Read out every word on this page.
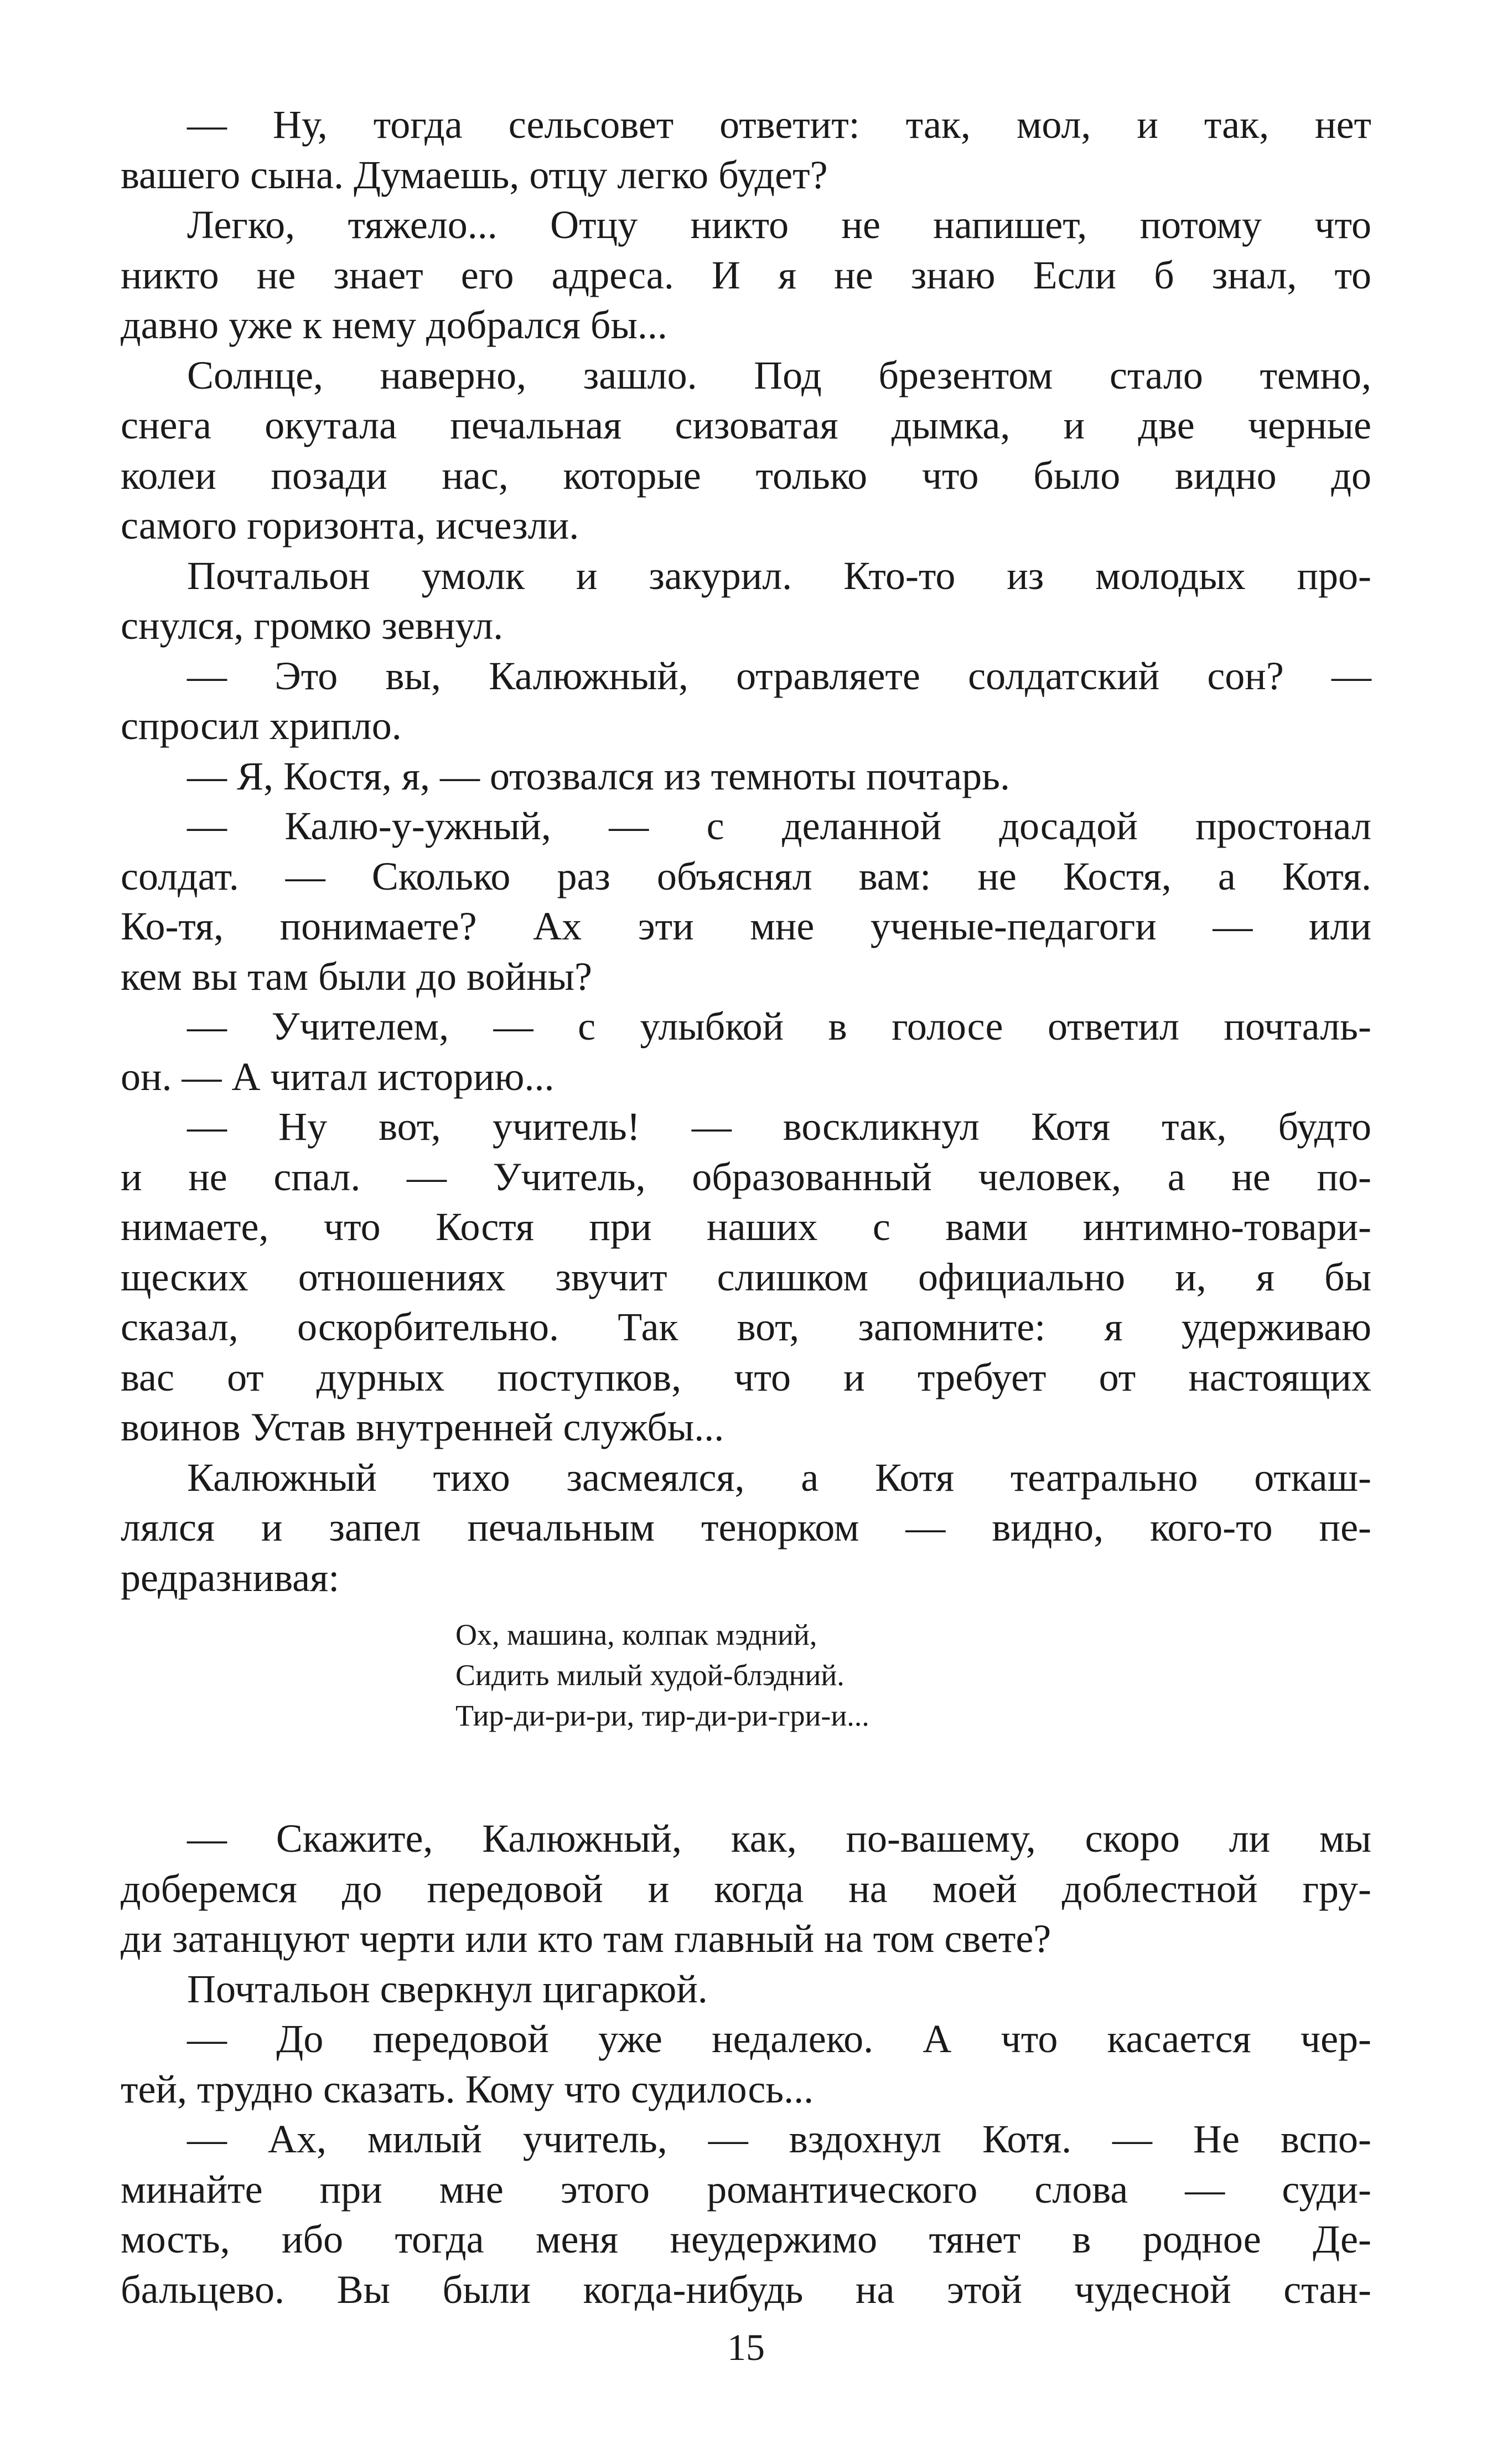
— Ну, тогда сельсовет ответит: так, мол, и так, нет
вашего сына. Думаешь, отцу легко будет?
Легко, тяжело... Отцу никто не напишет, потому что
никто не знает его адреса. И я не знаю Если б знал, то
давно уже к нему добрался бы...
Солнце, наверно, зашло. Под брезентом стало темно,
снега окутала печальная сизоватая дымка, и две черные
колеи позади нас, которые только что было видно до
самого горизонта, исчезли.
Почтальон умолк и закурил. Кто-то из молодых про-
снулся, громко зевнул.
— Это вы, Калюжный, отравляете солдатский сон? —
спросил хрипло.
— Я, Костя, я, — отозвался из темноты почтарь.
— Калю-у-ужный, — с деланной досадой простонал
солдат. — Сколько раз объяснял вам: не Костя, а Котя.
Ко-тя, понимаете? Ах эти мне ученые-педагоги — или
кем вы там были до войны?
— Учителем, — с улыбкой в голосе ответил почталь-
он. — А читал историю...
— Ну вот, учитель! — воскликнул Котя так, будто
и не спал. — Учитель, образованный человек, а не по-
нимаете, что Костя при наших с вами интимно-товари-
щеских отношениях звучит слишком официально и, я бы
сказал, оскорбительно. Так вот, запомните: я удерживаю
вас от дурных поступков, что и требует от настоящих
воинов Устав внутренней службы...
Калюжный тихо засмеялся, а Котя театрально откаш-
лялся и запел печальным тенорком — видно, кого-то пе-
редразнивая:
Ох, машина, колпак мэдний,
Сидить милый худой-блэдний.
Тир-ди-ри-ри, тир-ди-ри-гри-и...
— Скажите, Калюжный, как, по-вашему, скоро ли мы
доберемся до передовой и когда на моей доблестной гру-
ди затанцуют черти или кто там главный на том свете?
Почтальон сверкнул цигаркой.
— До передовой уже недалеко. А что касается чер-
тей, трудно сказать. Кому что судилось...
— Ах, милый учитель, — вздохнул Котя. — Не вспо-
минайте при мне этого романтического слова — суди-
мость, ибо тогда меня неудержимо тянет в родное Де-
бальцево. Вы были когда-нибудь на этой чудесной стан-
15
